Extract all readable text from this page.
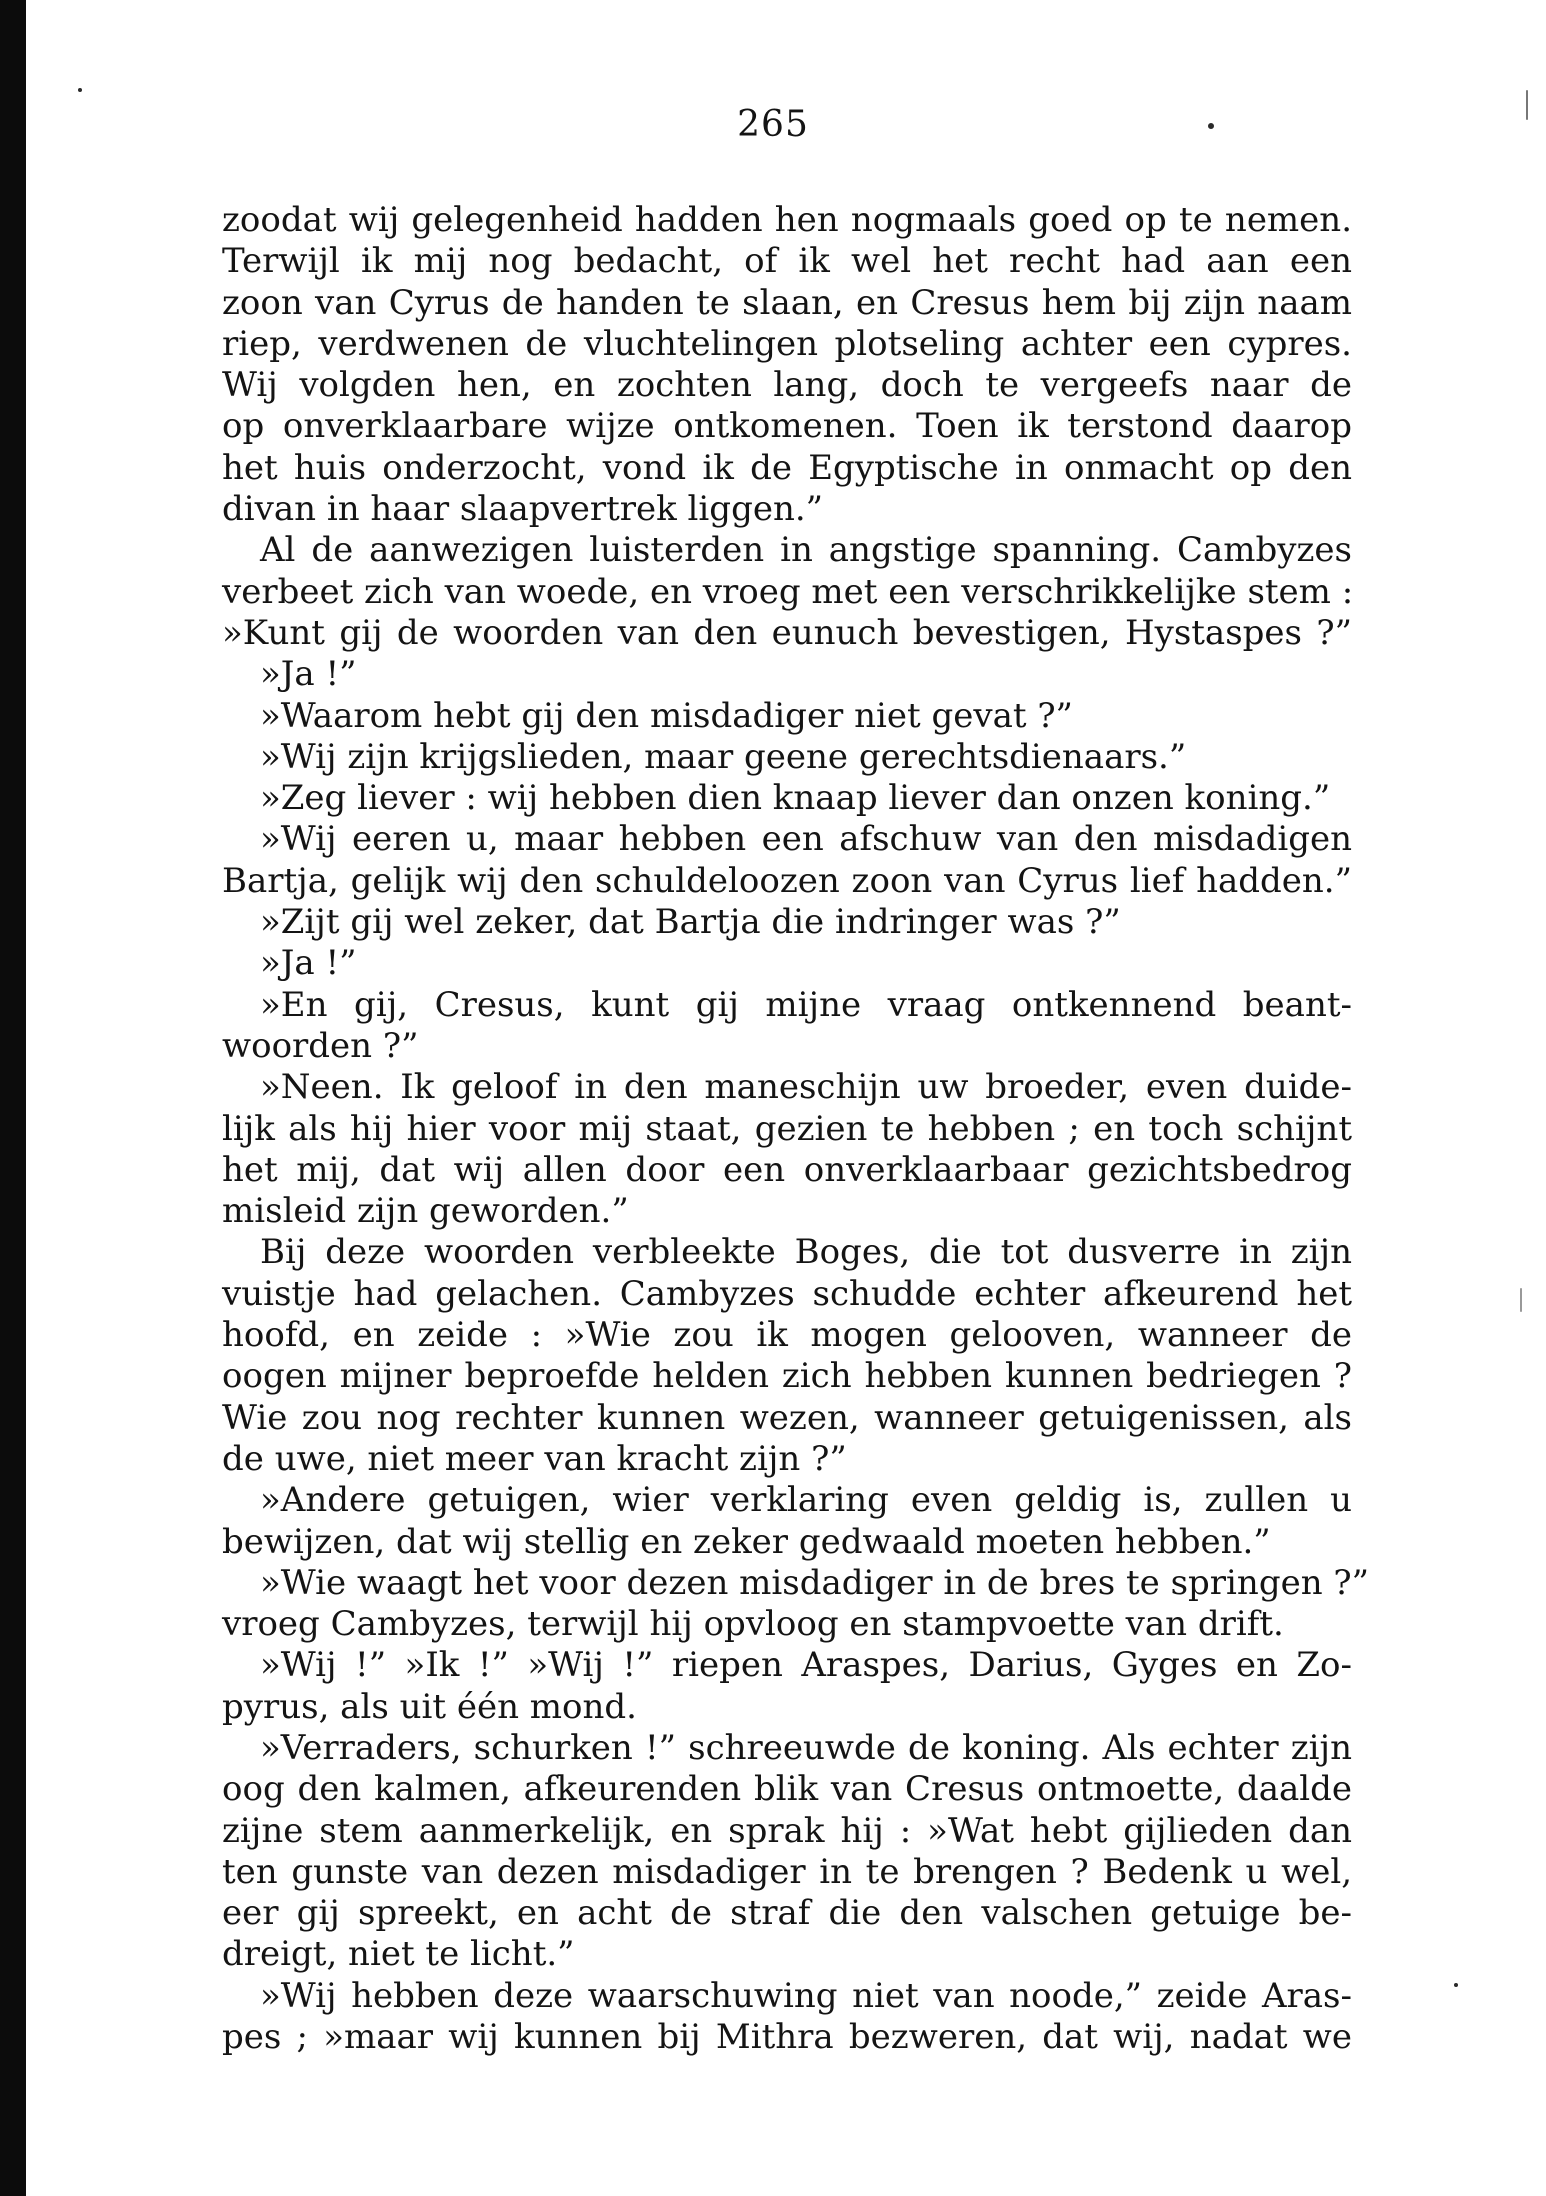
265
zoodat wij gelegenheid hadden hen nogmaals goed op te nemen.
Terwijl ik mij nog bedacht, of ik wel het recht had aan een
zoon van Cyrus de handen te slaan, en Cresus hem bij zijn naam
riep, verdwenen de vluchtelingen plotseling achter een cypres.
Wij volgden hen, en zochten lang, doch te vergeefs naar de
op onverklaarbare wijze ontkomenen. Toen ik terstond daarop
het huis onderzocht, vond ik de Egyptische in onmacht op den
divan in haar slaapvertrek liggen.”
Al de aanwezigen luisterden in angstige spanning. Cambyzes
verbeet zich van woede, en vroeg met een verschrikkelijke stem :
»Kunt gij de woorden van den eunuch bevestigen, Hystaspes ?”
»Ja !”
»Waarom hebt gij den misdadiger niet gevat ?”
»Wij zijn krijgslieden, maar geene gerechtsdienaars.”
»Zeg liever : wij hebben dien knaap liever dan onzen koning.”
»Wij eeren u, maar hebben een afschuw van den misdadigen
Bartja, gelijk wij den schuldeloozen zoon van Cyrus lief hadden.”
»Zijt gij wel zeker, dat Bartja die indringer was ?”
»Ja !”
»En gij, Cresus, kunt gij mijne vraag ontkennend beant-
woorden ?”
»Neen. Ik geloof in den maneschijn uw broeder, even duide-
lijk als hij hier voor mij staat, gezien te hebben ; en toch schijnt
het mij, dat wij allen door een onverklaarbaar gezichtsbedrog
misleid zijn geworden.”
Bij deze woorden verbleekte Boges, die tot dusverre in zijn
vuistje had gelachen. Cambyzes schudde echter afkeurend het
hoofd, en zeide : »Wie zou ik mogen gelooven, wanneer de
oogen mijner beproefde helden zich hebben kunnen bedriegen ?
Wie zou nog rechter kunnen wezen, wanneer getuigenissen, als
de uwe, niet meer van kracht zijn ?”
»Andere getuigen, wier verklaring even geldig is, zullen u
bewijzen, dat wij stellig en zeker gedwaald moeten hebben.”
»Wie waagt het voor dezen misdadiger in de bres te springen ?”
vroeg Cambyzes, terwijl hij opvloog en stampvoette van drift.
»Wij !” »Ik !” »Wij !” riepen Araspes, Darius, Gyges en Zo-
pyrus, als uit één mond.
»Verraders, schurken !” schreeuwde de koning. Als echter zijn
oog den kalmen, afkeurenden blik van Cresus ontmoette, daalde
zijne stem aanmerkelijk, en sprak hij : »Wat hebt gijlieden dan
ten gunste van dezen misdadiger in te brengen ? Bedenk u wel,
eer gij spreekt, en acht de straf die den valschen getuige be-
dreigt, niet te licht.”
»Wij hebben deze waarschuwing niet van noode,” zeide Aras-
pes ; »maar wij kunnen bij Mithra bezweren, dat wij, nadat we
